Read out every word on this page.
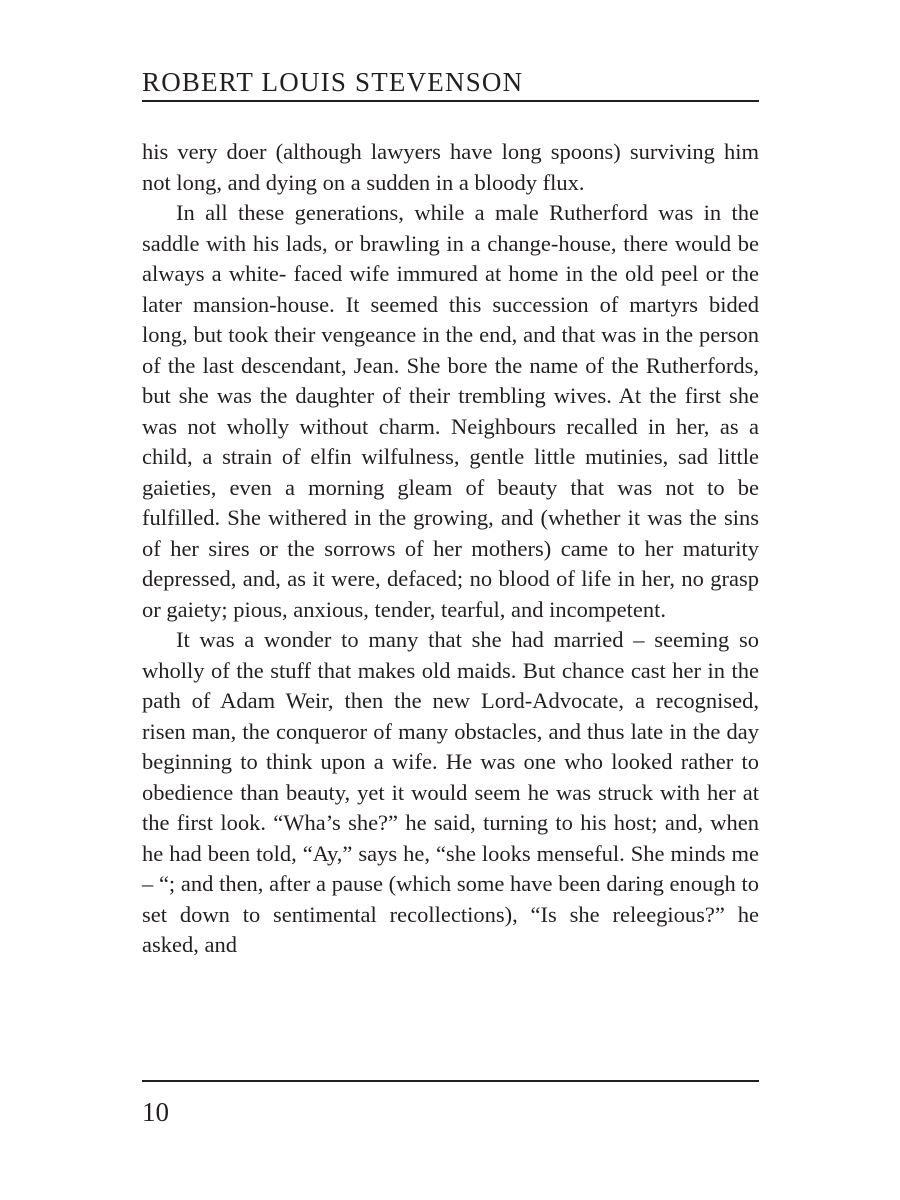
ROBERT LOUIS STEVENSON

his very doer (although lawyers have long spoons) surviving him not long, and dying on a sudden in a bloody flux.

In all these generations, while a male Rutherford was in the saddle with his lads, or brawling in a change-house, there would be always a white- faced wife immured at home in the old peel or the later mansion-house. It seemed this succession of martyrs bided long, but took their vengeance in the end, and that was in the person of the last descendant, Jean. She bore the name of the Rutherfords, but she was the daughter of their trembling wives. At the first she was not wholly without charm. Neighbours recalled in her, as a child, a strain of elfin wilfulness, gentle little mutinies, sad little gaieties, even a morning gleam of beauty that was not to be fulfilled. She withered in the growing, and (whether it was the sins of her sires or the sorrows of her mothers) came to her maturity depressed, and, as it were, defaced; no blood of life in her, no grasp or gaiety; pious, anxious, tender, tearful, and incompetent.

It was a wonder to many that she had married – seeming so wholly of the stuff that makes old maids. But chance cast her in the path of Adam Weir, then the new Lord-Advocate, a recognised, risen man, the conqueror of many obstacles, and thus late in the day beginning to think upon a wife. He was one who looked rather to obedience than beauty, yet it would seem he was struck with her at the first look. “Wha’s she?” he said, turning to his host; and, when he had been told, “Ay,” says he, “she looks menseful. She minds me – “; and then, after a pause (which some have been daring enough to set down to sentimental recollections), “Is she releegious?” he asked, and

10
